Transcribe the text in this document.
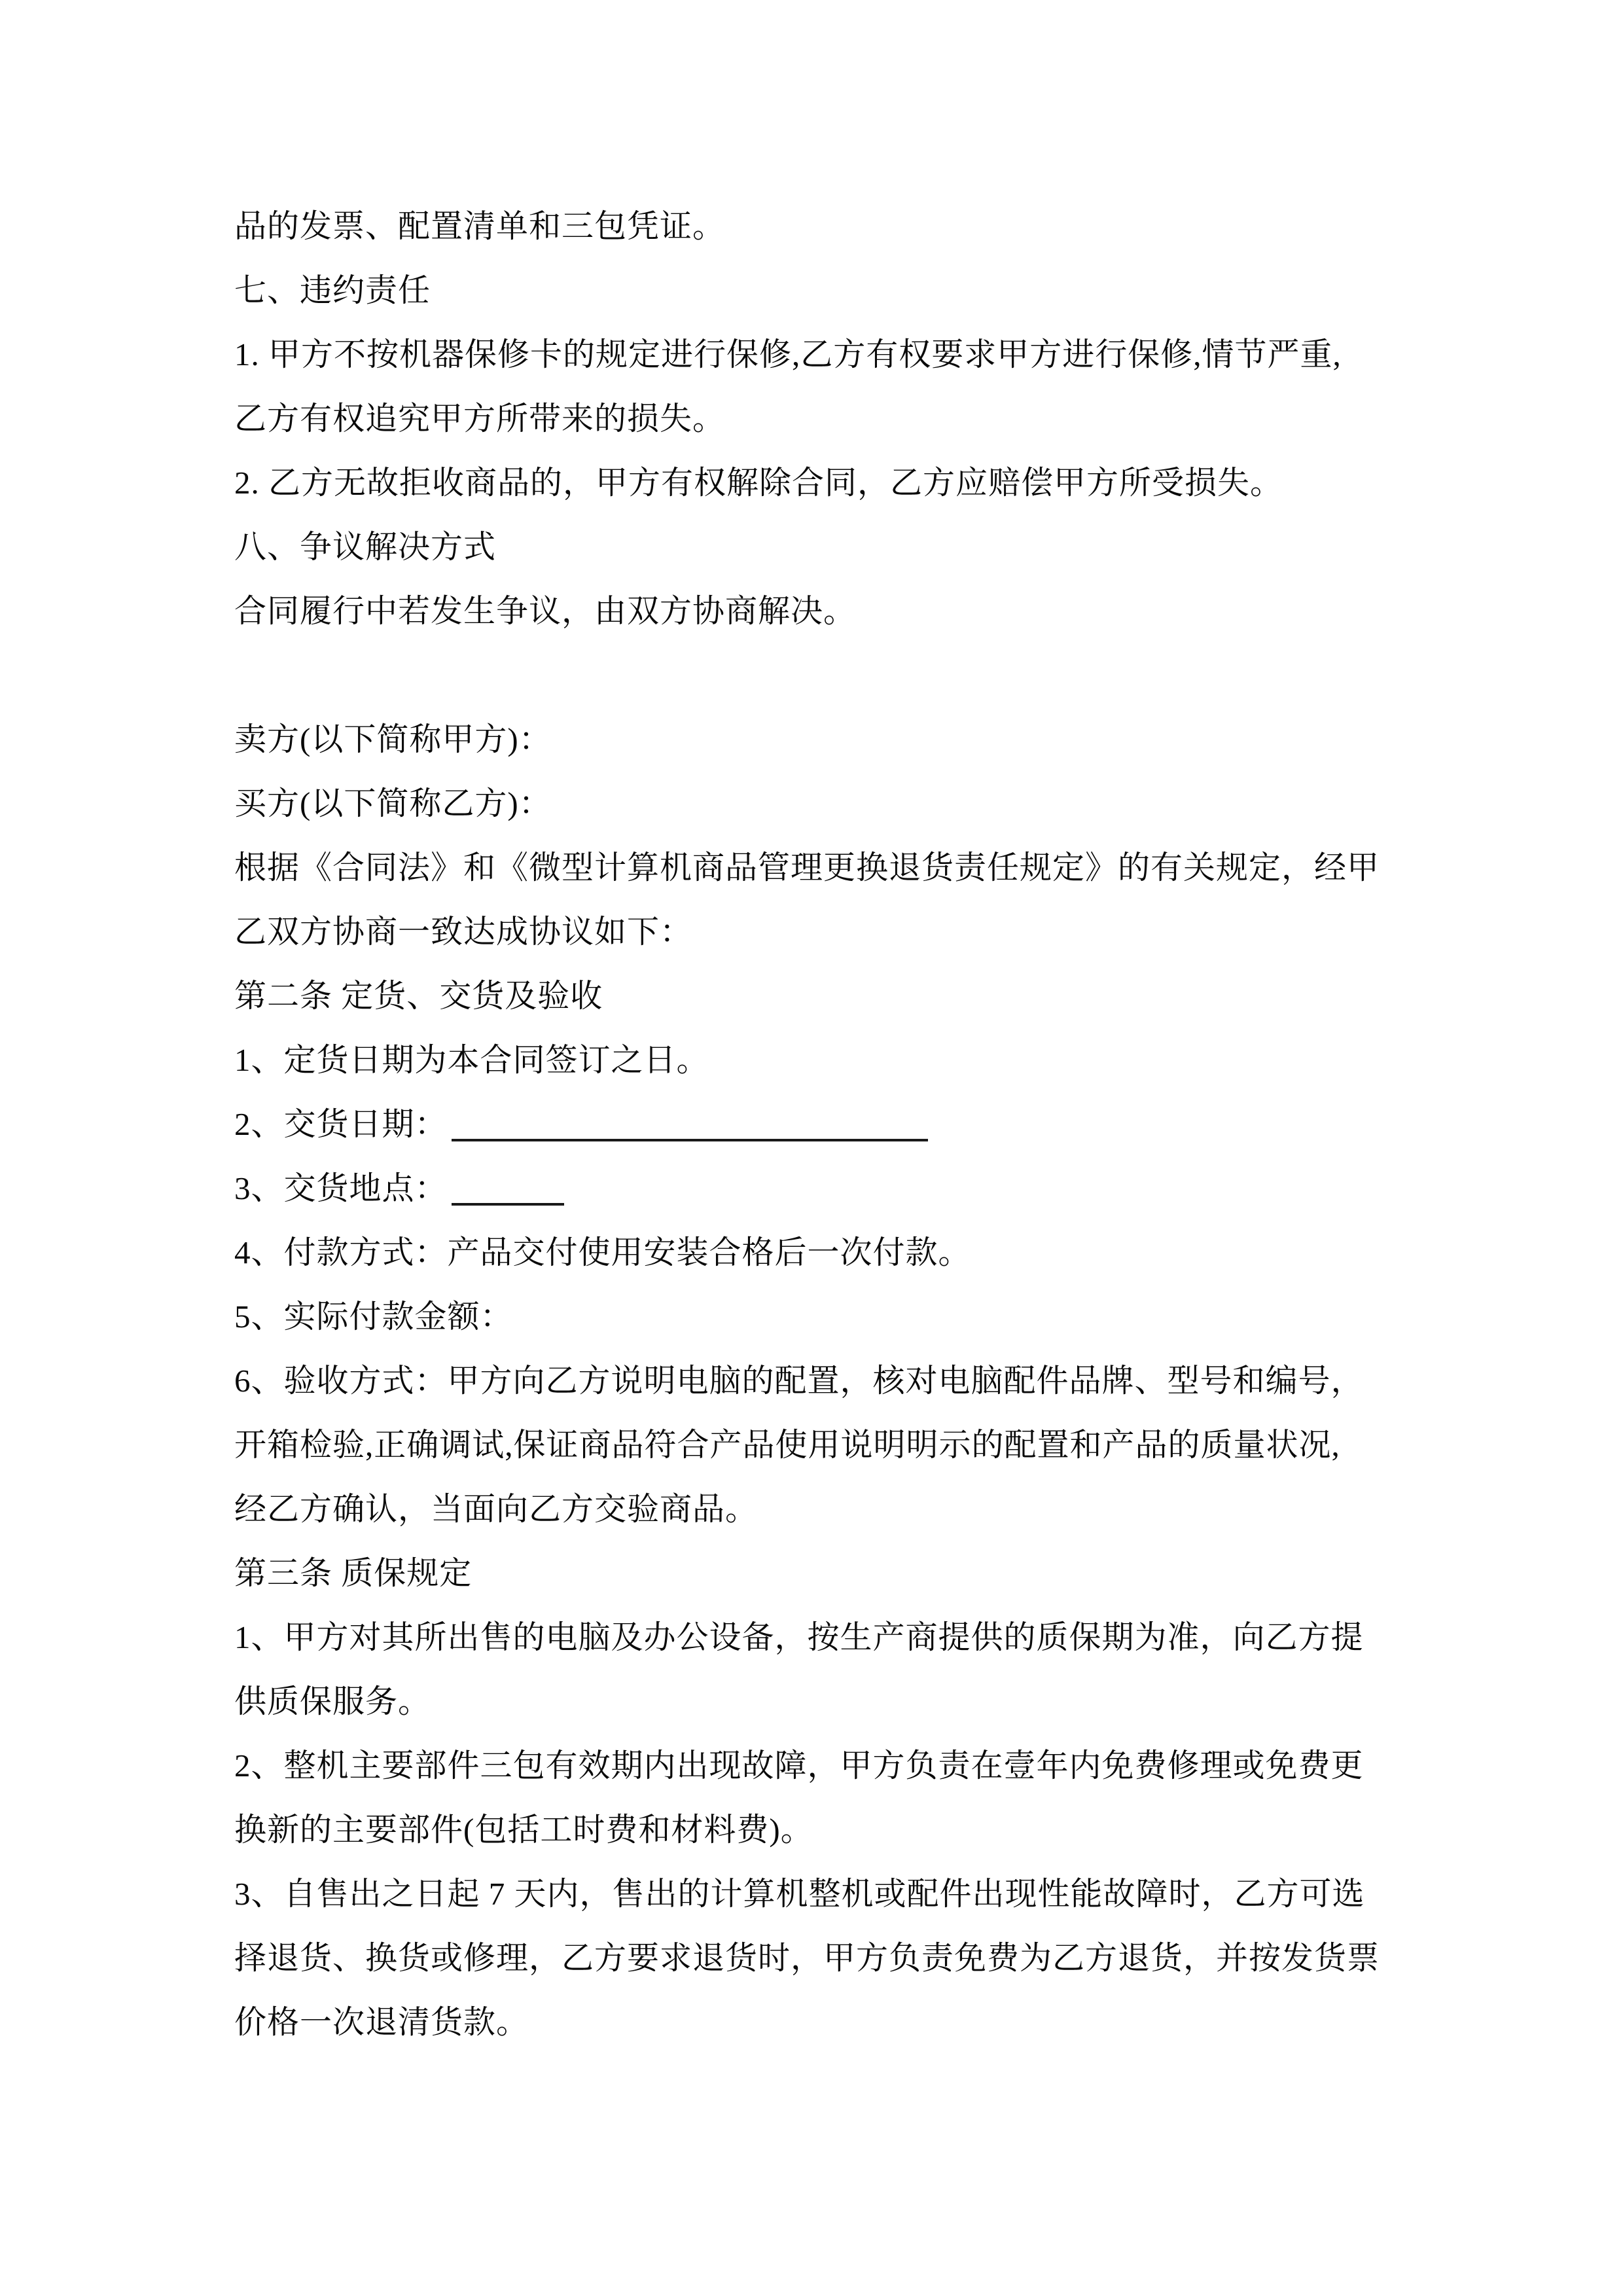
品的发票、配置清单和三包凭证。
七、违约责任
1. 甲方不按机器保修卡的规定进行保修,乙方有权要求甲方进行保修,情节严重,
乙方有权追究甲方所带来的损失。
2. 乙方无故拒收商品的，甲方有权解除合同，乙方应赔偿甲方所受损失。
八、争议解决方式
合同履行中若发生争议，由双方协商解决。
卖方(以下简称甲方)：
买方(以下简称乙方)：
根据《合同法》和《微型计算机商品管理更换退货责任规定》的有关规定，经甲
乙双方协商一致达成协议如下：
第二条 定货、交货及验收
1、定货日期为本合同签订之日。
2、交货日期：
3、交货地点：
4、付款方式：产品交付使用安装合格后一次付款。
5、实际付款金额：
6、验收方式：甲方向乙方说明电脑的配置，核对电脑配件品牌、型号和编号，
开箱检验,正确调试,保证商品符合产品使用说明明示的配置和产品的质量状况,
经乙方确认，当面向乙方交验商品。
第三条 质保规定
1、甲方对其所出售的电脑及办公设备，按生产商提供的质保期为准，向乙方提
供质保服务。
2、整机主要部件三包有效期内出现故障，甲方负责在壹年内免费修理或免费更
换新的主要部件(包括工时费和材料费)。
3、自售出之日起 7 天内，售出的计算机整机或配件出现性能故障时，乙方可选
择退货、换货或修理，乙方要求退货时，甲方负责免费为乙方退货，并按发货票
价格一次退清货款。
